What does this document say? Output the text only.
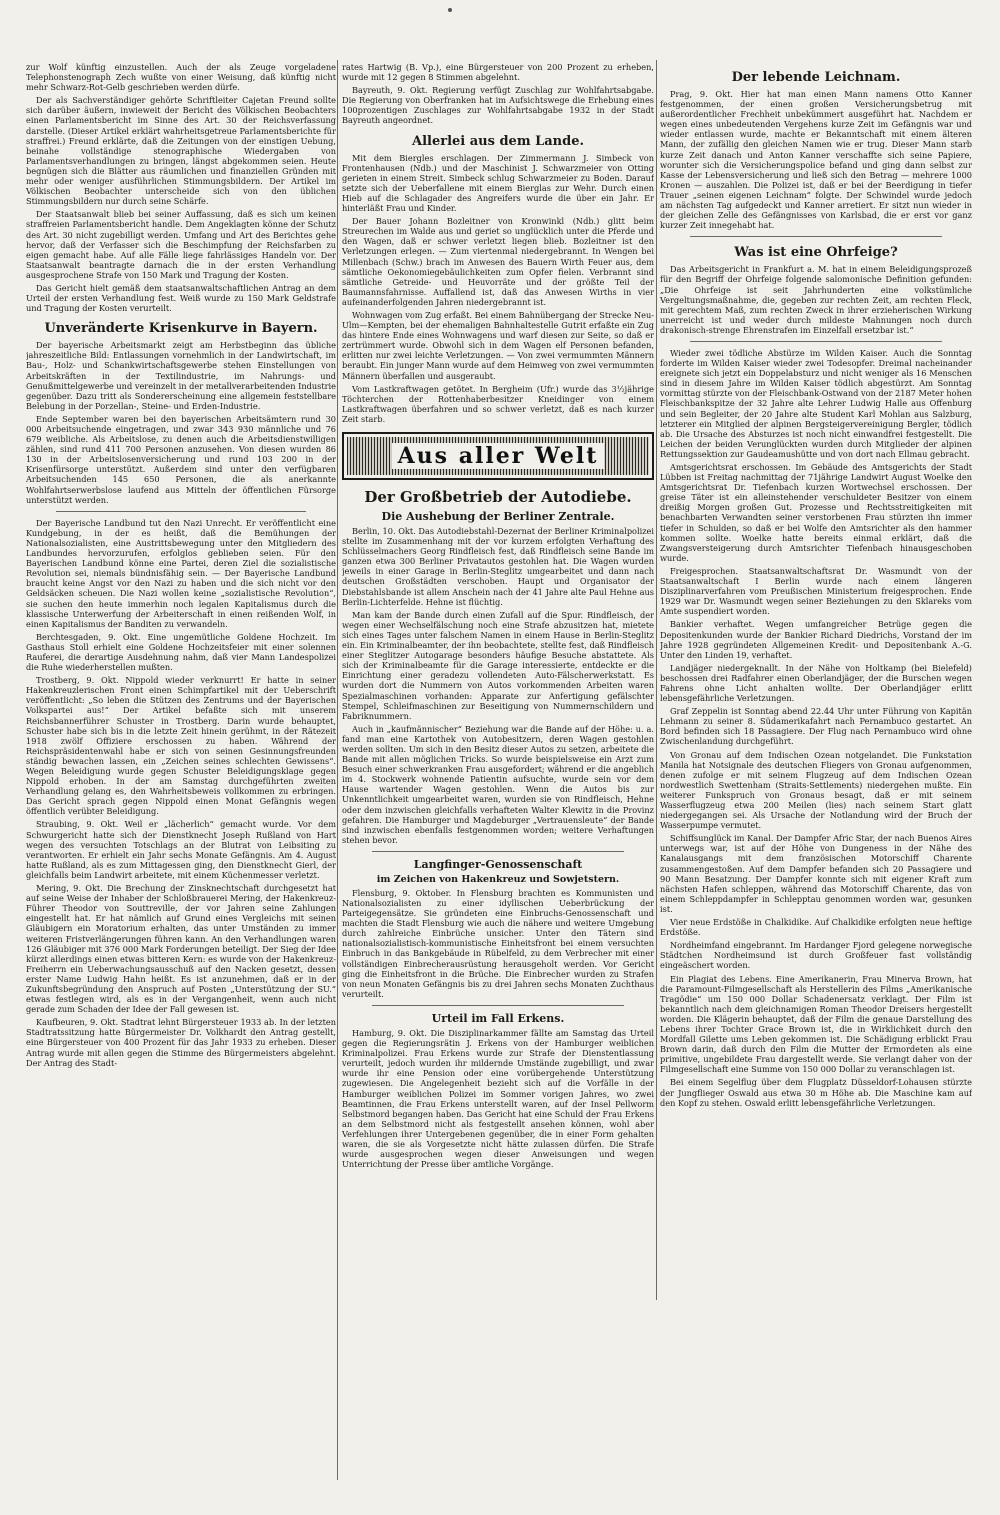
zur Wolf künftig einzustellen. Auch der als Zeuge vorgeladene Telephonstenograph Zech wußte von einer Weisung, daß künftig nicht mehr Schwarz-Rot-Gelb geschrieben werden dürfe.

Der als Sachverständiger gehörte Schriftleiter Cajetan Freund sollte sich darüber äußern, inwieweit der Bericht des Völkischen Beobachters einen Parlamentsbericht im Sinne des Art. 30 der Reichsverfassung darstelle. (Dieser Artikel erklärt wahrheitsgetreue Parlamentsberichte für straffrei.) Freund erklärte, daß die Zeitungen von der einstigen Uebung, beinahe vollständige stenographische Wiedergaben von Parlamentsverhandlungen zu bringen, längst abgekommen seien. Heute begnügen sich die Blätter aus räumlichen und finanziellen Gründen mit mehr oder weniger ausführlichen Stimmungsbildern. Der Artikel im Völkischen Beobachter unterscheide sich von den üblichen Stimmungsbildern nur durch seine Schärfe.

Der Staatsanwalt blieb bei seiner Auffassung, daß es sich um keinen straffreien Parlamentsbericht handle. Dem Angeklagten könne der Schutz des Art. 30 nicht zugebilligt werden. Umfang und Art des Berichtes gehe hervor, daß der Verfasser sich die Beschimpfung der Reichsfarben zu eigen gemacht habe. Auf alle Fälle liege fahrlässiges Handeln vor. Der Staatsanwalt beantragte darnach die in der ersten Verhandlung ausgesprochene Strafe von 150 Mark und Tragung der Kosten.

Das Gericht hielt gemäß dem staatsanwaltschaftlichen Antrag an dem Urteil der ersten Verhandlung fest. Weiß wurde zu 150 Mark Geldstrafe und Tragung der Kosten verurteilt.

Unveränderte Krisenkurve in Bayern.

Der bayerische Arbeitsmarkt zeigt am Herbstbeginn das übliche jahreszeitliche Bild: Entlassungen vornehmlich in der Landwirtschaft, im Bau-, Holz- und Schankwirtschaftsgewerbe stehen Einstellungen von Arbeitskräften in der Textilindustrie, im Nahrungs- und Genußmittelgewerbe und vereinzelt in der metallverarbeitenden Industrie gegenüber. Dazu tritt als Sondererscheinung eine allgemein feststellbare Belebung in der Porzellan-, Steine- und Erden-Industrie.

Ende September waren bei den bayerischen Arbeitsämtern rund 30 000 Arbeitsuchende eingetragen, und zwar 343 930 männliche und 76 679 weibliche. Als Arbeitslose, zu denen auch die Arbeitsdienstwilligen zählen, sind rund 411 700 Personen anzusehen. Von diesen wurden 86 130 in der Arbeitslosenversicherung und rund 103 200 in der Krisenfürsorge unterstützt. Außerdem sind unter den verfügbaren Arbeitsuchenden 145 650 Personen, die als anerkannte Wohlfahrtserwerbslose laufend aus Mitteln der öffentlichen Fürsorge unterstützt werden.

Der Bayerische Landbund tut den Nazi Unrecht. Er veröffentlicht eine Kundgebung, in der es heißt, daß die Bemühungen der Nationalsozialisten, eine Austrittsbewegung unter den Mitgliedern des Landbundes hervorzurufen, erfolglos geblieben seien. Für den Bayerischen Landbund könne eine Partei, deren Ziel die sozialistische Revolution sei, niemals bündnisfähig sein. — Der Bayerische Landbund braucht keine Angst vor den Nazi zu haben und die sich nicht vor den Geldsäcken scheuen. Die Nazi wollen keine „sozialistische Revolution“, sie suchen den heute immerhin noch legalen Kapitalismus durch die klassische Unterwerfung der Arbeiterschaft in einen reißenden Wolf, in einen Kapitalismus der Banditen zu verwandeln.

Berchtesgaden, 9. Okt. Eine ungemütliche Goldene Hochzeit. Im Gasthaus Stoll erhielt eine Goldene Hochzeitsfeier mit einer solennen Rauferei, die derartige Ausdehnung nahm, daß vier Mann Landespolizei die Ruhe wiederherstellen mußten.

Trostberg, 9. Okt. Nippold wieder verknurrt! Er hatte in seiner Hakenkreuzlerischen Front einen Schimpfartikel mit der Ueberschrift veröffentlicht: „So leben die Stützen des Zentrums und der Bayerischen Volkspartei aus!“ Der Artikel befaßte sich mit unserem Reichsbannerführer Schuster in Trostberg. Darin wurde behauptet, Schuster habe sich bis in die letzte Zeit hinein gerühmt, in der Rätezeit 1918 zwölf Offiziere erschossen zu haben. Während der Reichspräsidentenwahl habe er sich von seinen Gesinnungsfreunden ständig bewachen lassen, ein „Zeichen seines schlechten Gewissens“. Wegen Beleidigung wurde gegen Schuster Beleidigungsklage gegen Nippold erhoben. In der am Samstag durchgeführten zweiten Verhandlung gelang es, den Wahrheitsbeweis vollkommen zu erbringen. Das Gericht sprach gegen Nippold einen Monat Gefängnis wegen öffentlich verübter Beleidigung.

Straubing, 9. Okt. Weil er „lächerlich“ gemacht wurde. Vor dem Schwurgericht hatte sich der Dienstknecht Joseph Rußland von Hart wegen des versuchten Totschlags an der Blutrat von Leibsiting zu verantworten. Er erhielt ein Jahr sechs Monate Gefängnis. Am 4. August hatte Rußland, als es zum Mittagessen ging, den Dienstknecht Gierl, der gleichfalls beim Landwirt arbeitete, mit einem Küchenmesser verletzt.

Mering, 9. Okt. Die Brechung der Zinsknechtschaft durchgesetzt hat auf seine Weise der Inhaber der Schloßbrauerei Mering, der Hakenkreuz-Führer Theodor von Souttreville, der vor Jahren seine Zahlungen eingestellt hat. Er hat nämlich auf Grund eines Vergleichs mit seinen Gläubigern ein Moratorium erhalten, das unter Umständen zu immer weiteren Fristverlängerungen führen kann. An den Verhandlungen waren 126 Gläubiger mit 376 000 Mark Forderungen beteiligt. Der Sieg der Idee kürzt allerdings einen etwas bitteren Kern: es wurde von der Hakenkreuz-Freiherrn ein Ueberwachungsausschuß auf den Nacken gesetzt, dessen erster Name Ludwig Hahn heißt. Es ist anzunehmen, daß er in der Zukunftsbegründung den Anspruch auf Posten „Unterstützung der SU.“ etwas festlegen wird, als es in der Vergangenheit, wenn auch nicht gerade zum Schaden der Idee der Fall gewesen ist.

Kaufbeuren, 9. Okt. Stadtrat lehnt Bürgersteuer 1933 ab. In der letzten Stadtratssitzung hatte Bürgermeister Dr. Volkhardt den Antrag gestellt, eine Bürgersteuer von 400 Prozent für das Jahr 1933 zu erheben. Dieser Antrag wurde mit allen gegen die Stimme des Bürgermeisters abgelehnt. Der Antrag des Stadt-

rates Hartwig (B. Vp.), eine Bürgersteuer von 200 Prozent zu erheben, wurde mit 12 gegen 8 Stimmen abgelehnt.

Bayreuth, 9. Okt. Regierung verfügt Zuschlag zur Wohlfahrtsabgabe. Die Regierung von Oberfranken hat im Aufsichtswege die Erhebung eines 100prozentigen Zuschlages zur Wohlfahrtsabgabe 1932 in der Stadt Bayreuth angeordnet.

Allerlei aus dem Lande.

Mit dem Biergles erschlagen. Der Zimmermann J. Simbeck von Frontenhausen (Ndb.) und der Maschinist J. Schwarzmeier von Otting gerieten in einem Streit. Simbeck schlug Schwarzmeier zu Boden. Darauf setzte sich der Ueberfallene mit einem Bierglas zur Wehr. Durch einen Hieb auf die Schlagader des Angreifers wurde die über ein Jahr. Er hinterläßt Frau und Kinder.

Der Bauer Johann Bozleitner von Kronwinkl (Ndb.) glitt beim Streurechen im Walde aus und geriet so unglücklich unter die Pferde und den Wagen, daß er schwer verletzt liegen blieb. Bozleitner ist den Verletzungen erlegen. — Zum viertenmal niedergebrannt. In Wengen bei Millenbach (Schw.) brach im Anwesen des Bauern Wirth Feuer aus, dem sämtliche Oekonomiegebäulichkeiten zum Opfer fielen. Verbrannt sind sämtliche Getreide- und Heuvorräte und der größte Teil der Baumannsfahrnisse. Auffallend ist, daß das Anwesen Wirths in vier aufeinanderfolgenden Jahren niedergebrannt ist.

Wohnwagen vom Zug erfaßt. Bei einem Bahnübergang der Strecke Neu-Ulm—Kempten, bei der ehemaligen Bahnhaltestelle Gutrit erfaßte ein Zug das hintere Ende eines Wohnwagens und warf diesen zur Seite, so daß er zertrümmert wurde. Obwohl sich in dem Wagen elf Personen befanden, erlitten nur zwei leichte Verletzungen. — Von zwei vermummten Männern beraubt. Ein junger Mann wurde auf dem Heimweg von zwei vermummten Männern überfallen und ausgeraubt.

Vom Lastkraftwagen getötet. In Bergheim (Ufr.) wurde das 3½jährige Töchterchen der Rottenhaberbesitzer Kneidinger von einem Lastkraftwagen überfahren und so schwer verletzt, daß es nach kurzer Zeit starb.

Aus aller Welt
Der Großbetrieb der Autodiebe.
Die Aushebung der Berliner Zentrale.

Berlin, 10. Okt. Das Autodiebstahl-Dezernat der Berliner Kriminalpolizei stellte im Zusammenhang mit der vor kurzem erfolgten Verhaftung des Schlüsselmachers Georg Rindfleisch fest, daß Rindfleisch seine Bande im ganzen etwa 300 Berliner Privatautos gestohlen hat. Die Wagen wurden jeweils in einer Garage in Berlin-Steglitz umgearbeitet und dann nach deutschen Großstädten verschoben. Haupt und Organisator der Diebstahlsbande ist allem Anschein nach der 41 Jahre alte Paul Hehne aus Berlin-Lichterfelde. Hehne ist flüchtig.

Man kam der Bande durch einen Zufall auf die Spur. Rindfleisch, der wegen einer Wechselfälschung noch eine Strafe abzusitzen hat, mietete sich eines Tages unter falschem Namen in einem Hause in Berlin-Steglitz ein. Ein Kriminalbeamter, der ihn beobachtete, stellte fest, daß Rindfleisch einer Steglitzer Autogarage besonders häufige Besuche abstattete. Als sich der Kriminalbeamte für die Garage interessierte, entdeckte er die Einrichtung einer geradezu vollendeten Auto-Fälscherwerkstatt. Es wurden dort die Nummern von Autos vorkommenden Arbeiten waren Spezialmaschinen vorhanden: Apparate zur Anfertigung gefälschter Stempel, Schleifmaschinen zur Beseitigung von Nummernschildern und Fabriknummern.

Auch in „kaufmännischer“ Beziehung war die Bande auf der Höhe: u. a. fand man eine Kartothek von Autobesitzern, deren Wagen gestohlen werden sollten. Um sich in den Besitz dieser Autos zu setzen, arbeitete die Bande mit allen möglichen Tricks. So wurde beispielsweise ein Arzt zum Besuch einer schwerkranken Frau ausgefordert; während er die angeblich im 4. Stockwerk wohnende Patientin aufsuchte, wurde sein vor dem Hause wartender Wagen gestohlen. Wenn die Autos bis zur Unkenntlichkeit umgearbeitet waren, wurden sie von Rindfleisch, Hehne oder dem inzwischen gleichfalls verhafteten Walter Klewitz in die Provinz gefahren. Die Hamburger und Magdeburger „Vertrauensleute“ der Bande sind inzwischen ebenfalls festgenommen worden; weitere Verhaftungen stehen bevor.

Langfinger-Genossenschaft
im Zeichen von Hakenkreuz und Sowjetstern.

Flensburg, 9. Oktober. In Flensburg brachten es Kommunisten und Nationalsozialisten zu einer idyllischen Ueberbrückung der Parteigegensätze. Sie gründeten eine Einbruchs-Genossenschaft und machten die Stadt Flensburg wie auch die nähere und weitere Umgebung durch zahlreiche Einbrüche unsicher. Unter den Tätern sind nationalsozialistisch-kommunistische Einheitsfront bei einem versuchten Einbruch in das Bankgebäude in Rübelfeld, zu dem Verbrecher mit einer vollständigen Einbrecherausrüstung herausgeholt werden. Vor Gericht ging die Einheitsfront in die Brüche. Die Einbrecher wurden zu Strafen von neun Monaten Gefängnis bis zu drei Jahren sechs Monaten Zuchthaus verurteilt.

Urteil im Fall Erkens.

Hamburg, 9. Okt. Die Disziplinarkammer fällte am Samstag das Urteil gegen die Regierungsrätin J. Erkens von der Hamburger weiblichen Kriminalpolizei. Frau Erkens wurde zur Strafe der Dienstentlassung verurteilt, jedoch wurden ihr mildernde Umstände zugebilligt, und zwar wurde ihr eine Pension oder eine vorübergehende Unterstützung zugewiesen. Die Angelegenheit bezieht sich auf die Vorfälle in der Hamburger weiblichen Polizei im Sommer vorigen Jahres, wo zwei Beamtinnen, die Frau Erkens unterstellt waren, auf der Insel Pellworm Selbstmord begangen haben. Das Gericht hat eine Schuld der Frau Erkens an dem Selbstmord nicht als festgestellt ansehen können, wohl aber Verfehlungen ihrer Untergebenen gegenüber, die in einer Form gehalten waren, die sie als Vorgesetzte nicht hätte zulassen dürfen. Die Strafe wurde ausgesprochen wegen dieser Anweisungen und wegen Unterrichtung der Presse über amtliche Vorgänge.

Der lebende Leichnam.

Prag, 9. Okt. Hier hat man einen Mann namens Otto Kanner festgenommen, der einen großen Versicherungsbetrug mit außerordentlicher Frechheit unbekümmert ausgeführt hat. Nachdem er wegen eines unbedeutenden Vergehens kurze Zeit im Gefängnis war und wieder entlassen wurde, machte er Bekanntschaft mit einem älteren Mann, der zufällig den gleichen Namen wie er trug. Dieser Mann starb kurze Zeit danach und Anton Kanner verschaffte sich seine Papiere, worunter sich die Versicherungspolice befand und ging dann selbst zur Kasse der Lebensversicherung und ließ sich den Betrag — mehrere 1000 Kronen — auszahlen. Die Polizei ist, daß er bei der Beerdigung in tiefer Trauer „seinen eigenen Leichnam“ folgte. Der Schwindel wurde jedoch am nächsten Tag aufgedeckt und Kanner arretiert. Er sitzt nun wieder in der gleichen Zelle des Gefängnisses von Karlsbad, die er erst vor ganz kurzer Zeit innegehabt hat.

Was ist eine Ohrfeige?

Das Arbeitsgericht in Frankfurt a. M. hat in einem Beleidigungsprozeß für den Begriff der Ohrfeige folgende salomonische Definition gefunden: „Die Ohrfeige ist seit Jahrhunderten eine volkstümliche Vergeltungsmaßnahme, die, gegeben zur rechten Zeit, am rechten Fleck, mit gerechtem Maß, zum rechten Zweck in ihrer erzieherischen Wirkung unerreicht ist und weder durch mildeste Mahnungen noch durch drakonisch-strenge Ehrenstrafen im Einzelfall ersetzbar ist.“

Wieder zwei tödliche Abstürze im Wilden Kaiser. Auch die Sonntag forderte im Wilden Kaiser wieder zwei Todesopfer. Dreimal nacheinander ereignete sich jetzt ein Doppelabsturz und nicht weniger als 16 Menschen sind in diesem Jahre im Wilden Kaiser tödlich abgestürzt. Am Sonntag vormittag stürzte von der Fleischbank-Ostwand von der 2187 Meter hohen Fleischbankspitze der 32 Jahre alte Lehrer Ludwig Halle aus Offenburg und sein Begleiter, der 20 Jahre alte Student Karl Mohlan aus Salzburg, letzterer ein Mitglied der alpinen Bergsteigervereinigung Bergler, tödlich ab. Die Ursache des Absturzes ist noch nicht einwandfrei festgestellt. Die Leichen der beiden Verunglückten wurden durch Mitglieder der alpinen Rettungssektion zur Gaudeamushütte und von dort nach Ellmau gebracht.

Amtsgerichtsrat erschossen. Im Gebäude des Amtsgerichts der Stadt Lübben ist Freitag nachmittag der 71jährige Landwirt August Woelke den Amtsgerichtsrat Dr. Tiefenbach kurzen Wortwechsel erschossen. Der greise Täter ist ein alleinstehender verschuldeter Besitzer von einem dreißig Morgen großen Gut. Prozesse und Rechtsstreitigkeiten mit benachbarten Verwandten seiner verstorbenen Frau stürzten ihn immer tiefer in Schulden, so daß er bei Wolfe den Amtsrichter als den hammer kommen sollte. Woelke hatte bereits einmal erklärt, daß die Zwangsversteigerung durch Amtsrichter Tiefenbach hinausgeschoben wurde.

Freigesprochen. Staatsanwaltschaftsrat Dr. Wasmundt von der Staatsanwaltschaft I Berlin wurde nach einem längeren Disziplinarverfahren vom Preußischen Ministerium freigesprochen. Ende 1929 war Dr. Wasmundt wegen seiner Beziehungen zu den Sklareks vom Amte suspendiert worden.

Bankier verhaftet. Wegen umfangreicher Betrüge gegen die Depositenkunden wurde der Bankier Richard Diedrichs, Vorstand der im Jahre 1928 gegründeten Allgemeinen Kredit- und Depositenbank A.-G. Unter den Linden 19, verhaftet.

Landjäger niedergeknallt. In der Nähe von Holtkamp (bei Bielefeld) beschossen drei Radfahrer einen Oberlandjäger, der die Burschen wegen Fahrens ohne Licht anhalten wollte. Der Oberlandjäger erlitt lebensgefährliche Verletzungen.

Graf Zeppelin ist Sonntag abend 22.44 Uhr unter Führung von Kapitän Lehmann zu seiner 8. Südamerikafahrt nach Pernambuco gestartet. An Bord befinden sich 18 Passagiere. Der Flug nach Pernambuco wird ohne Zwischenlandung durchgeführt.

Von Gronau auf dem Indischen Ozean notgelandet. Die Funkstation Manila hat Notsignale des deutschen Fliegers von Gronau aufgenommen, denen zufolge er mit seinem Flugzeug auf dem Indischen Ozean nordwestlich Swettenham (Straits-Settlements) niedergehen mußte. Ein weiterer Funkspruch von Gronaus besagt, daß er mit seinem Wasserflugzeug etwa 200 Meilen (lies) nach seinem Start glatt niedergegangen sei. Als Ursache der Notlandung wird der Bruch der Wasserpumpe vermutet.

Schiffsunglück im Kanal. Der Dampfer Afric Star, der nach Buenos Aires unterwegs war, ist auf der Höhe von Dungeness in der Nähe des Kanalausgangs mit dem französischen Motorschiff Charente zusammengestoßen. Auf dem Dampfer befanden sich 20 Passagiere und 90 Mann Besatzung. Der Dampfer konnte sich mit eigener Kraft zum nächsten Hafen schleppen, während das Motorschiff Charente, das von einem Schleppdampfer in Schlepptau genommen worden war, gesunken ist.

Vier neue Erdstöße in Chalkidike. Auf Chalkidike erfolgten neue heftige Erdstöße.

Nordheimfand eingebrannt. Im Hardanger Fjord gelegene norwegische Städtchen Nordheimsund ist durch Großfeuer fast vollständig eingeäschert worden.

Ein Plagiat des Lebens. Eine Amerikanerin, Frau Minerva Brown, hat die Paramount-Filmgesellschaft als Herstellerin des Films „Amerikanische Tragödie“ um 150 000 Dollar Schadenersatz verklagt. Der Film ist bekanntlich nach dem gleichnamigen Roman Theodor Dreisers hergestellt worden. Die Klägerin behauptet, daß der Film die genaue Darstellung des Lebens ihrer Tochter Grace Brown ist, die in Wirklichkeit durch den Mordfall Gilette ums Leben gekommen ist. Die Schädigung erblickt Frau Brown darin, daß durch den Film die Mutter der Ermordeten als eine primitive, ungebildete Frau dargestellt werde. Sie verlangt daher von der Filmgesellschaft eine Summe von 150 000 Dollar zu veranschlagen ist.

Bei einem Segelflug über dem Flugplatz Düsseldorf-Lohausen stürzte der Jungflieger Oswald aus etwa 30 m Höhe ab. Die Maschine kam auf den Kopf zu stehen. Oswald erlitt lebensgefährliche Verletzungen.
